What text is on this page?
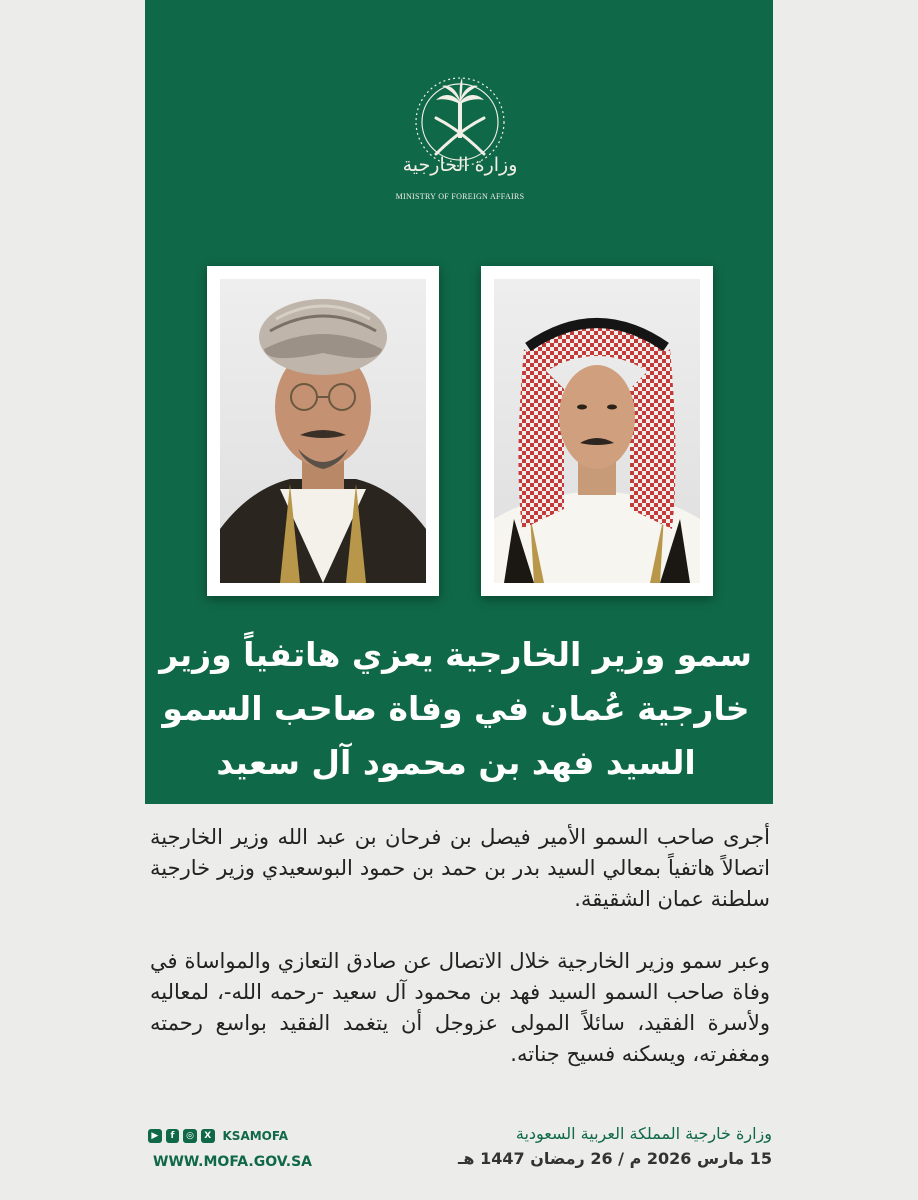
وزارة الخارجية
MINISTRY OF FOREIGN AFFAIRS
سمو وزير الخارجية يعزي هاتفياً وزير
خارجية عُمان في وفاة صاحب السمو
السيد فهد بن محمود آل سعيد

أجرى صاحب السمو الأمير فيصل بن فرحان بن عبد الله وزير الخارجية اتصالاً هاتفياً بمعالي السيد بدر بن حمد بن حمود البوسعيدي وزير خارجية سلطنة عمان الشقيقة.

وعبر سمو وزير الخارجية خلال الاتصال عن صادق التعازي والمواساة في وفاة صاحب السمو السيد فهد بن محمود آل سعيد -رحمه الله-، لمعاليه ولأسرة الفقيد، سائلاً المولى عزوجل أن يتغمد الفقيد بواسع رحمته ومغفرته، ويسكنه فسيح جناته.

▶	f	◎	X KSAMOFA
WWW.MOFA.GOV.SA
وزارة خارجية المملكة العربية السعودية
15 مارس 2026 م / 26 رمضان 1447 هـ
